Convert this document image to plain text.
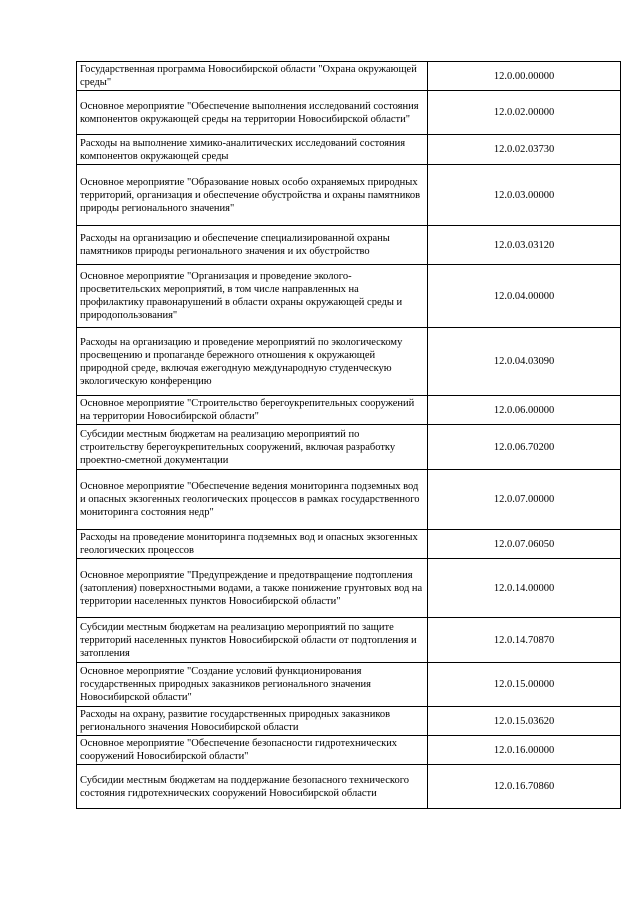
Государственная программа Новосибирской области "Охрана окружающей среды"	12.0.00.00000
Основное мероприятие "Обеспечение выполнения исследований состояния компонентов окружающей среды на территории Новосибирской области"	12.0.02.00000
Расходы на выполнение химико-аналитических исследований состояния компонентов окружающей среды	12.0.02.03730
Основное мероприятие "Образование новых особо охраняемых природных территорий, организация и обеспечение обустройства и охраны памятников природы регионального значения"	12.0.03.00000
Расходы на организацию и обеспечение специализированной охраны памятников природы регионального значения и их обустройство	12.0.03.03120
Основное мероприятие "Организация и проведение эколого-просветительских мероприятий, в том числе направленных на профилактику правонарушений в области охраны окружающей среды и природопользования"	12.0.04.00000
Расходы на организацию и проведение мероприятий по экологическому просвещению и пропаганде бережного отношения к окружающей природной среде, включая ежегодную международную студенческую экологическую конференцию	12.0.04.03090
Основное мероприятие "Строительство берегоукрепительных сооружений на территории Новосибирской области"	12.0.06.00000
Субсидии местным бюджетам на реализацию мероприятий по строительству берегоукрепительных сооружений, включая разработку проектно-сметной документации	12.0.06.70200
Основное мероприятие "Обеспечение ведения мониторинга подземных вод и опасных экзогенных геологических процессов в рамках государственного мониторинга состояния недр"	12.0.07.00000
Расходы на проведение мониторинга подземных вод и опасных экзогенных геологических процессов	12.0.07.06050
Основное мероприятие "Предупреждение и предотвращение подтопления (затопления) поверхностными водами, а также понижение грунтовых вод на территории населенных пунктов Новосибирской области"	12.0.14.00000
Субсидии местным бюджетам на реализацию мероприятий по защите территорий населенных пунктов Новосибирской области от подтопления и затопления	12.0.14.70870
Основное мероприятие "Создание условий функционирования государственных природных заказников регионального значения Новосибирской области"	12.0.15.00000
Расходы на охрану, развитие государственных природных заказников регионального значения Новосибирской области	12.0.15.03620
Основное мероприятие "Обеспечение безопасности гидротехнических сооружений Новосибирской области"	12.0.16.00000
Субсидии местным бюджетам на поддержание безопасного технического состояния гидротехнических сооружений Новосибирской области	12.0.16.70860
